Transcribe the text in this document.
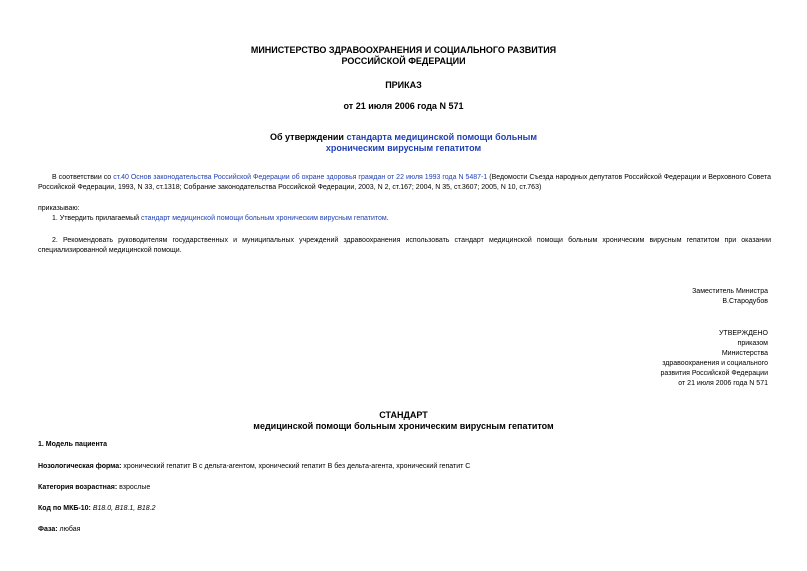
МИНИСТЕРСТВО ЗДРАВООХРАНЕНИЯ И СОЦИАЛЬНОГО РАЗВИТИЯ
РОССИЙСКОЙ ФЕДЕРАЦИИ
ПРИКАЗ
от 21 июля 2006 года N 571
Об утверждении стандарта медицинской помощи больным
хроническим вирусным гепатитом
В соответствии со ст.40 Основ законодательства Российской Федерации об охране здоровья граждан от 22 июля 1993 года N 5487-1 (Ведомости Съезда народных депутатов Российской Федерации и Верховного Совета Российской Федерации, 1993, N 33, ст.1318; Собрание законодательства Российской Федерации, 2003, N 2, ст.167; 2004, N 35, ст.3607; 2005, N 10, ст.763)
приказываю:
1. Утвердить прилагаемый стандарт медицинской помощи больным хроническим вирусным гепатитом.
2. Рекомендовать руководителям государственных и муниципальных учреждений здравоохранения использовать стандарт медицинской помощи больным хроническим вирусным гепатитом при оказании специализированной медицинской помощи.
Заместитель Министра
В.Стародубов
УТВЕРЖДЕНО
приказом
Министерства
здравоохранения и социального
развития Российской Федерации
от 21 июля 2006 года N 571
СТАНДАРТ
медицинской помощи больным хроническим вирусным гепатитом
1. Модель пациента
Нозологическая форма: хронический гепатит B с дельта-агентом, хронический гепатит B без дельта-агента, хронический гепатит C
Категория возрастная: взрослые
Код по МКБ-10: B18.0, B18.1, B18.2
Фаза: любая
